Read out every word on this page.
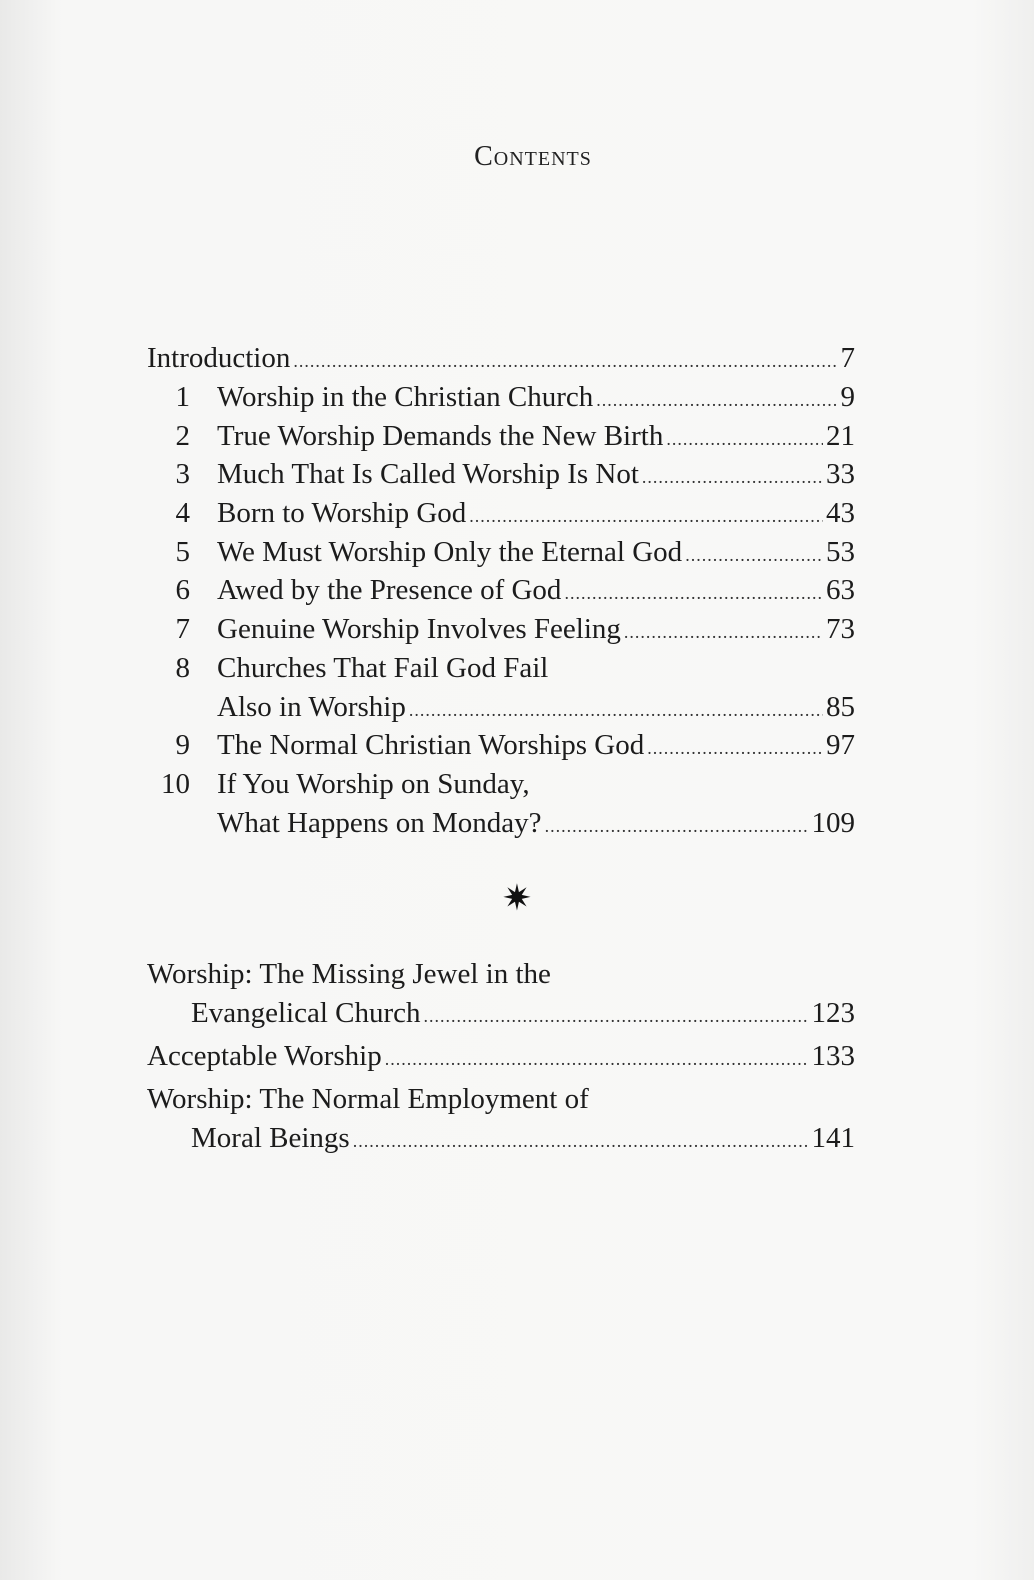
Contents
Introduction .....	7
1 Worship in the Christian Church .....	9
2 True Worship Demands the New Birth .....	21
3 Much That Is Called Worship Is Not .....	33
4 Born to Worship God .....	43
5 We Must Worship Only the Eternal God .....	53
6 Awed by the Presence of God .....	63
7 Genuine Worship Involves Feeling .....	73
8 Churches That Fail God Fail
Also in Worship .....	85
9 The Normal Christian Worships God .....	97
10 If You Worship on Sunday,
What Happens on Monday? .....	109
✷
Worship: The Missing Jewel in the
Evangelical Church .....	123
Acceptable Worship .....	133
Worship: The Normal Employment of
Moral Beings .....	141
